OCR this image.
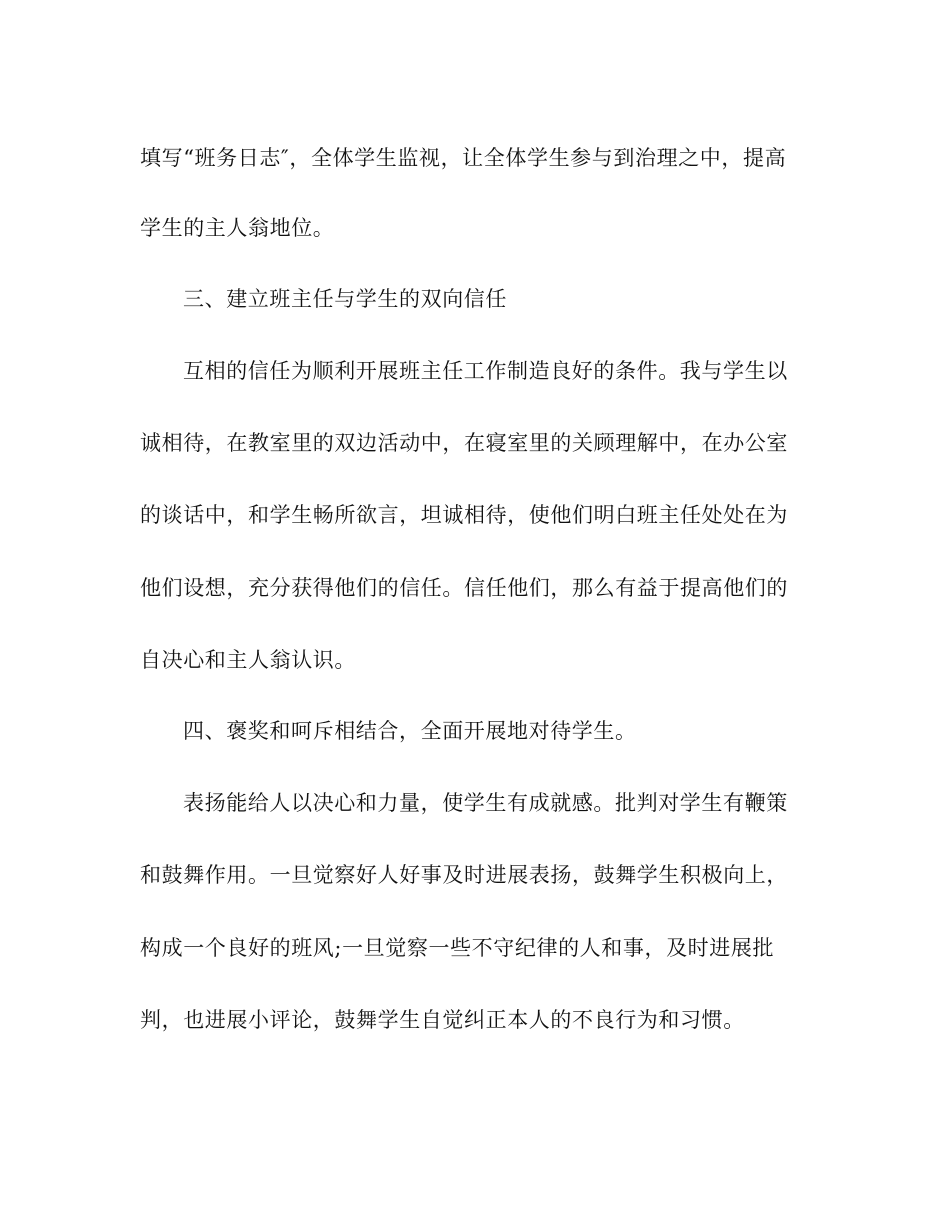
填写“班务日志″，全体学生监视，让全体学生参与到治理之中，提高
学生的主人翁地位。
三、建立班主任与学生的双向信任
互相的信任为顺利开展班主任工作制造良好的条件。我与学生以
诚相待，在教室里的双边活动中，在寝室里的关顾理解中，在办公室
的谈话中，和学生畅所欲言，坦诚相待，使他们明白班主任处处在为
他们设想，充分获得他们的信任。信任他们，那么有益于提高他们的
自决心和主人翁认识。
四、褒奖和呵斥相结合，全面开展地对待学生。
表扬能给人以决心和力量，使学生有成就感。批判对学生有鞭策
和鼓舞作用。一旦觉察好人好事及时进展表扬，鼓舞学生积极向上，
构成一个良好的班风;一旦觉察一些不守纪律的人和事，及时进展批
判，也进展小评论，鼓舞学生自觉纠正本人的不良行为和习惯。
